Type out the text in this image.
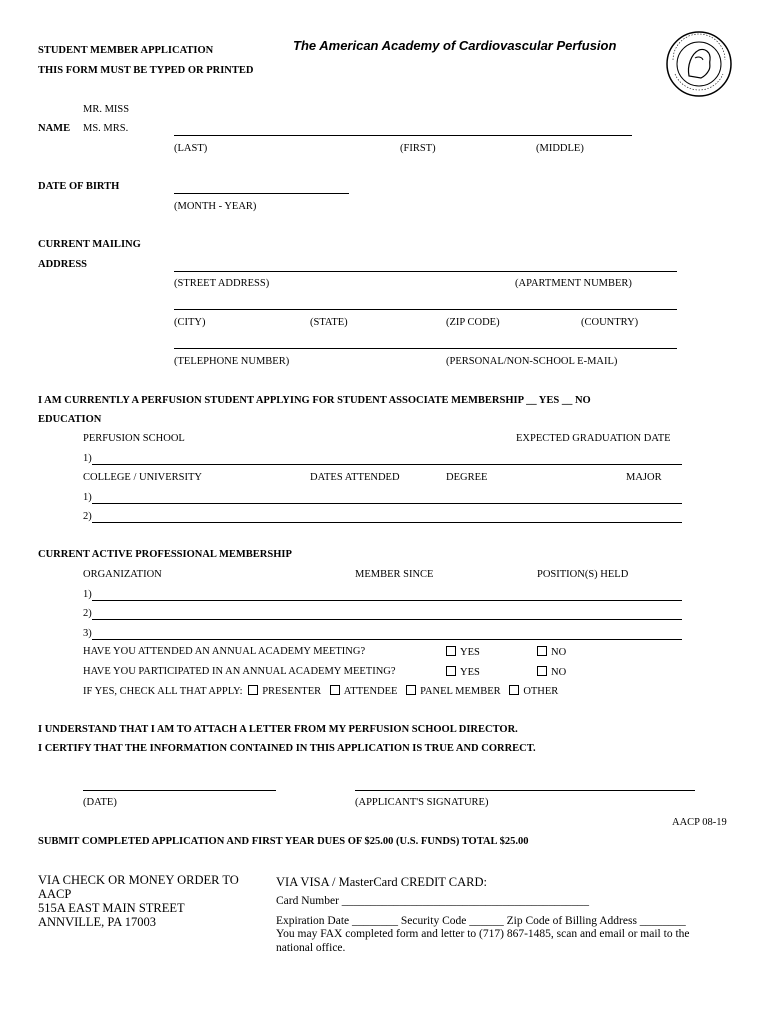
STUDENT MEMBER APPLICATION
THIS FORM MUST BE TYPED OR PRINTED
The American Academy of Cardiovascular Perfusion
MR. MISS
NAME MS. MRS.
(LAST)	(FIRST)	(MIDDLE)
DATE OF BIRTH
(MONTH - YEAR)
CURRENT MAILING
ADDRESS
(STREET ADDRESS)	(APARTMENT NUMBER)
(CITY)	(STATE)	(ZIP CODE)	(COUNTRY)
(TELEPHONE NUMBER)	(PERSONAL/NON-SCHOOL E-MAIL)
I AM CURRENTLY A PERFUSION STUDENT APPLYING FOR STUDENT ASSOCIATE MEMBERSHIP __ YES __ NO
EDUCATION
PERFUSION SCHOOL	EXPECTED GRADUATION DATE
1)
COLLEGE / UNIVERSITY	DATES ATTENDED	DEGREE	MAJOR
1)
2)
CURRENT ACTIVE PROFESSIONAL MEMBERSHIP
ORGANIZATION	MEMBER SINCE	POSITION(S) HELD
1)
2)
3)
HAVE YOU ATTENDED AN ANNUAL ACADEMY MEETING?	YES	NO
HAVE YOU PARTICIPATED IN AN ANNUAL ACADEMY MEETING?	YES	NO
IF YES, CHECK ALL THAT APPLY: PRESENTER ATTENDEE PANEL MEMBER OTHER
I UNDERSTAND THAT I AM TO ATTACH A LETTER FROM MY PERFUSION SCHOOL DIRECTOR.
I CERTIFY THAT THE INFORMATION CONTAINED IN THIS APPLICATION IS TRUE AND CORRECT.
(DATE)	(APPLICANT'S SIGNATURE)
AACP 08-19
SUBMIT COMPLETED APPLICATION AND FIRST YEAR DUES OF $25.00 (U.S. FUNDS) TOTAL $25.00
VIA CHECK OR MONEY ORDER TO
AACP
515A EAST MAIN STREET
ANNVILLE, PA 17003
VIA VISA / MasterCard CREDIT CARD:
Card Number ___________________________________________
Expiration Date ________ Security Code ______ Zip Code of Billing Address ________
You may FAX completed form and letter to (717) 867-1485, scan and email or mail to the
national office.
